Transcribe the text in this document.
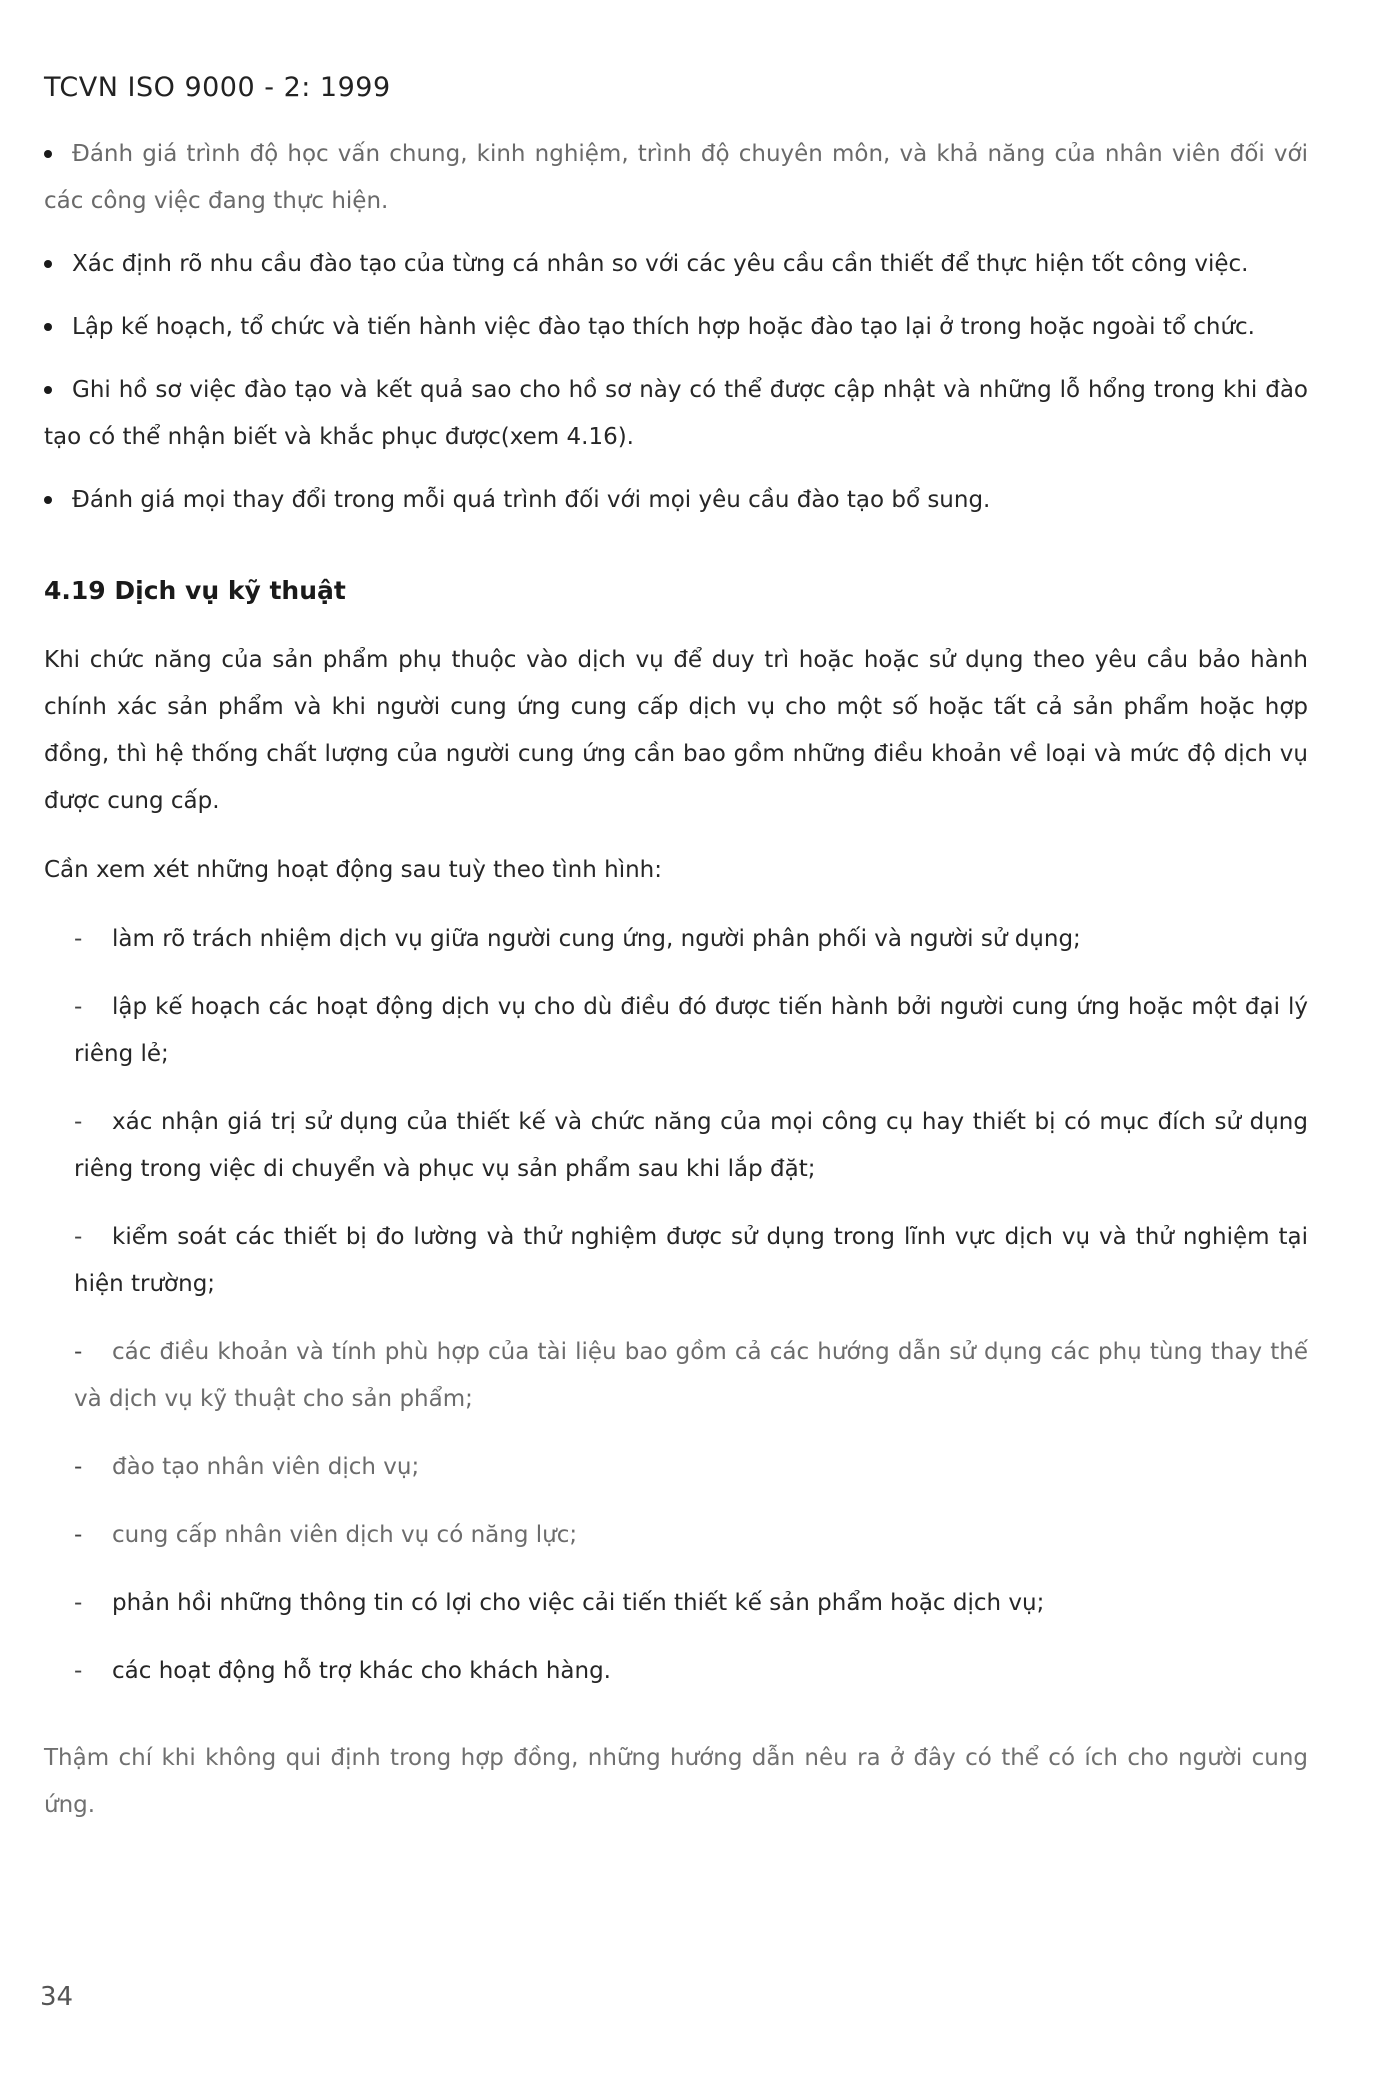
TCVN ISO 9000 - 2: 1999

Đánh giá trình độ học vấn chung, kinh nghiệm, trình độ chuyên môn, và khả năng của nhân viên đối với các công việc đang thực hiện.

Xác định rõ nhu cầu đào tạo của từng cá nhân so với các yêu cầu cần thiết để thực hiện tốt công việc.

Lập kế hoạch, tổ chức và tiến hành việc đào tạo thích hợp hoặc đào tạo lại ở trong hoặc ngoài tổ chức.

Ghi hồ sơ việc đào tạo và kết quả sao cho hồ sơ này có thể được cập nhật và những lỗ hổng trong khi đào tạo có thể nhận biết và khắc phục được(xem 4.16).

Đánh giá mọi thay đổi trong mỗi quá trình đối với mọi yêu cầu đào tạo bổ sung.

4.19 Dịch vụ kỹ thuật

Khi chức năng của sản phẩm phụ thuộc vào dịch vụ để duy trì hoặc hoặc sử dụng theo yêu cầu bảo hành chính xác sản phẩm và khi người cung ứng cung cấp dịch vụ cho một số hoặc tất cả sản phẩm hoặc hợp đồng, thì hệ thống chất lượng của người cung ứng cần bao gồm những điều khoản về loại và mức độ dịch vụ được cung cấp.

Cần xem xét những hoạt động sau tuỳ theo tình hình:

- làm rõ trách nhiệm dịch vụ giữa người cung ứng, người phân phối và người sử dụng;

- lập kế hoạch các hoạt động dịch vụ cho dù điều đó được tiến hành bởi người cung ứng hoặc một đại lý riêng lẻ;

- xác nhận giá trị sử dụng của thiết kế và chức năng của mọi công cụ hay thiết bị có mục đích sử dụng riêng trong việc di chuyển và phục vụ sản phẩm sau khi lắp đặt;

- kiểm soát các thiết bị đo lường và thử nghiệm được sử dụng trong lĩnh vực dịch vụ và thử nghiệm tại hiện trường;

- các điều khoản và tính phù hợp của tài liệu bao gồm cả các hướng dẫn sử dụng các phụ tùng thay thế và dịch vụ kỹ thuật cho sản phẩm;

- đào tạo nhân viên dịch vụ;

- cung cấp nhân viên dịch vụ có năng lực;

- phản hồi những thông tin có lợi cho việc cải tiến thiết kế sản phẩm hoặc dịch vụ;

- các hoạt động hỗ trợ khác cho khách hàng.

Thậm chí khi không qui định trong hợp đồng, những hướng dẫn nêu ra ở đây có thể có ích cho người cung ứng.

34
